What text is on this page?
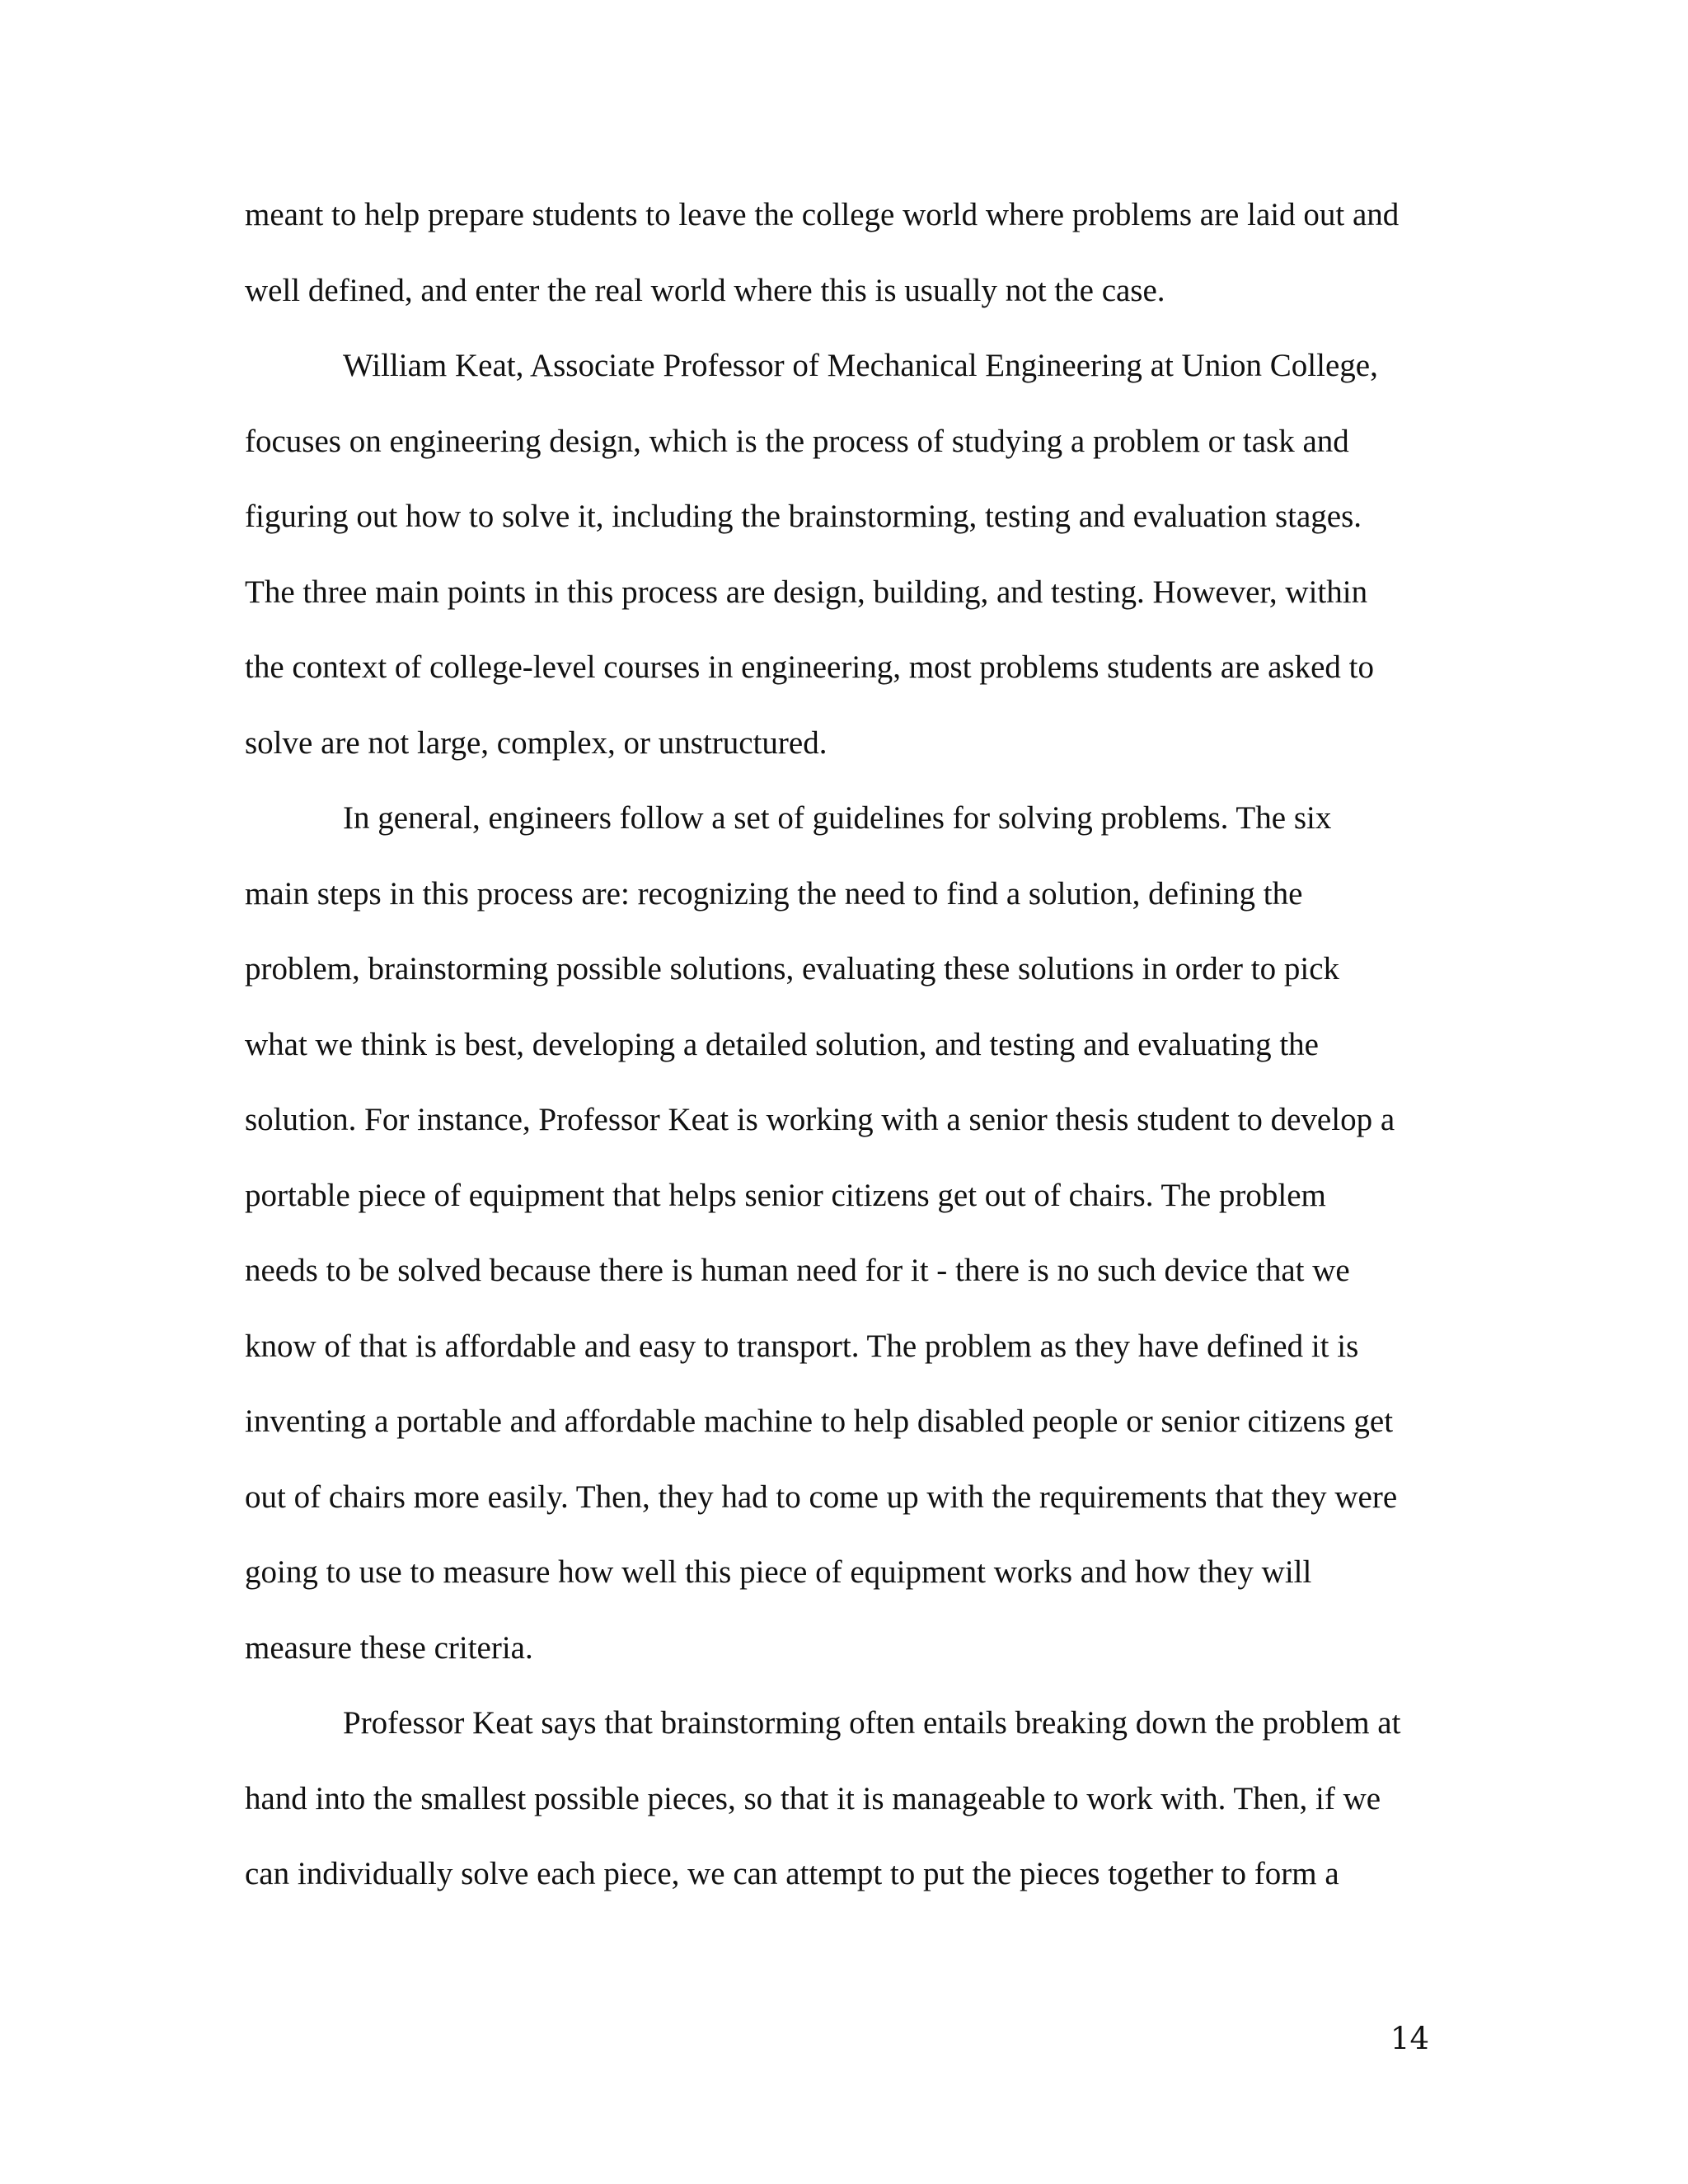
meant to help prepare students to leave the college world where problems are laid out and
well defined, and enter the real world where this is usually not the case.
William Keat, Associate Professor of Mechanical Engineering at Union College,
focuses on engineering design, which is the process of studying a problem or task and
figuring out how to solve it, including the brainstorming, testing and evaluation stages.
The three main points in this process are design, building, and testing. However, within
the context of college-level courses in engineering, most problems students are asked to
solve are not large, complex, or unstructured.
In general, engineers follow a set of guidelines for solving problems. The six
main steps in this process are: recognizing the need to find a solution, defining the
problem, brainstorming possible solutions, evaluating these solutions in order to pick
what we think is best, developing a detailed solution, and testing and evaluating the
solution. For instance, Professor Keat is working with a senior thesis student to develop a
portable piece of equipment that helps senior citizens get out of chairs. The problem
needs to be solved because there is human need for it - there is no such device that we
know of that is affordable and easy to transport. The problem as they have defined it is
inventing a portable and affordable machine to help disabled people or senior citizens get
out of chairs more easily. Then, they had to come up with the requirements that they were
going to use to measure how well this piece of equipment works and how they will
measure these criteria.
Professor Keat says that brainstorming often entails breaking down the problem at
hand into the smallest possible pieces, so that it is manageable to work with. Then, if we
can individually solve each piece, we can attempt to put the pieces together to form a
14
